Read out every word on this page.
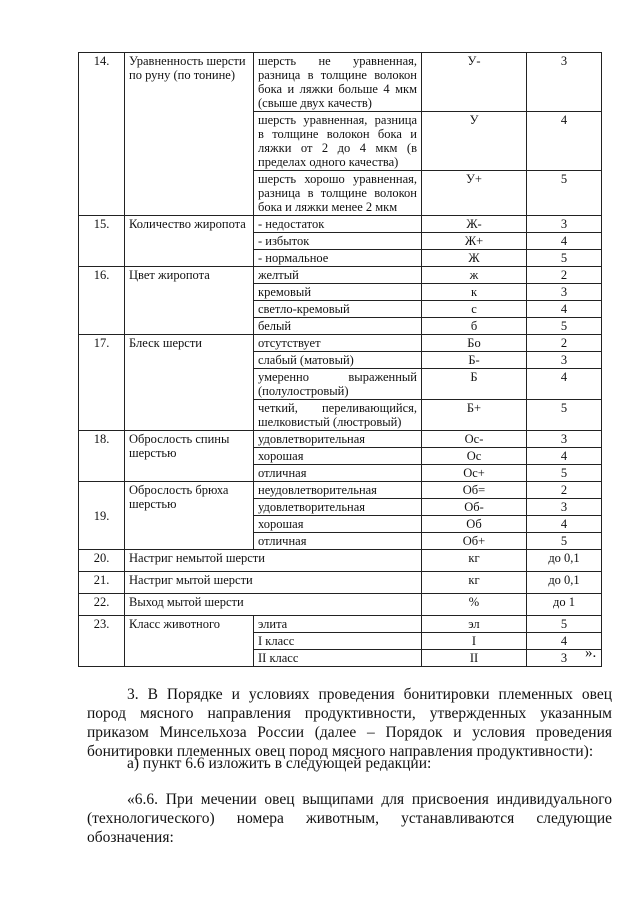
14.	Уравненность шерсти по руну (по тонине)	шерсть не уравненная, разница в толщине волокон бока и ляжки больше 4 мкм (свыше двух качеств)	У-	3
		шерсть уравненная, разница в толщине волокон бока и ляжки от 2 до 4 мкм (в пределах одного качества)	У	4
		шерсть хорошо уравненная, разница в толщине волокон бока и ляжки менее 2 мкм	У+	5
15.	Количество жиропота	- недостаток	Ж-	3
		- избыток	Ж+	4
		- нормальное	Ж	5
16.	Цвет жиропота	желтый	ж	2
		кремовый	к	3
		светло-кремовый	с	4
		белый	б	5
17.	Блеск шерсти	отсутствует	Бо	2
		слабый (матовый)	Б-	3
		умеренно выраженный (полулостровый)	Б	4
		четкий, переливающийся, шелковистый (люстровый)	Б+	5
18.	Оброслость спины шерстью	удовлетворительная	Ос-	3
		хорошая	Ос	4
		отличная	Ос+	5
19.	Оброслость брюха шерстью	неудовлетворительная	Об=	2
		удовлетворительная	Об-	3
		хорошая	Об	4
		отличная	Об+	5
20.	Настриг немытой шерсти		кг	до 0,1
21.	Настриг мытой шерсти		кг	до 0,1
22.	Выход мытой шерсти		%	до 1
23.	Класс животного	элита	эл	5
		I класс	I	4
		II класс	II	3 ».
3. В Порядке и условиях проведения бонитировки племенных овец пород мясного направления продуктивности, утвержденных указанным приказом Минсельхоза России (далее – Порядок и условия проведения бонитировки племенных овец пород мясного направления продуктивности):
а) пункт 6.6 изложить в следующей редакции:
«6.6. При мечении овец выщипами для присвоения индивидуального (технологического) номера животным, устанавливаются следующие обозначения:
